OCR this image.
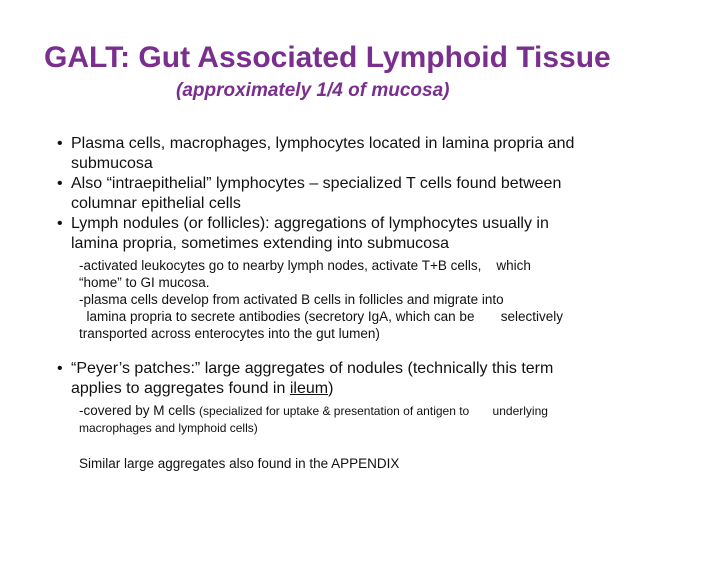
GALT: Gut Associated Lymphoid Tissue
(approximately 1/4 of mucosa)

• Plasma cells, macrophages, lymphocytes located in lamina propria and
submucosa

• Also “intraepithelial” lymphocytes – specialized T cells found between
columnar epithelial cells

• Lymph nodules (or follicles): aggregations of lymphocytes usually in
lamina propria, sometimes extending into submucosa

-activated leukocytes go to nearby lymph nodes, activate T+B cells,    which

“home” to GI mucosa.

-plasma cells develop from activated B cells in follicles and migrate into

lamina propria to secrete antibodies (secretory IgA, which can be       selectively

transported across enterocytes into the gut lumen)

• “Peyer’s patches:” large aggregates of nodules (technically this term
applies to aggregates found in ileum)

-covered by M cells (specialized for uptake & presentation of antigen to       underlying

macrophages and lymphoid cells)

Similar large aggregates also found in the APPENDIX
